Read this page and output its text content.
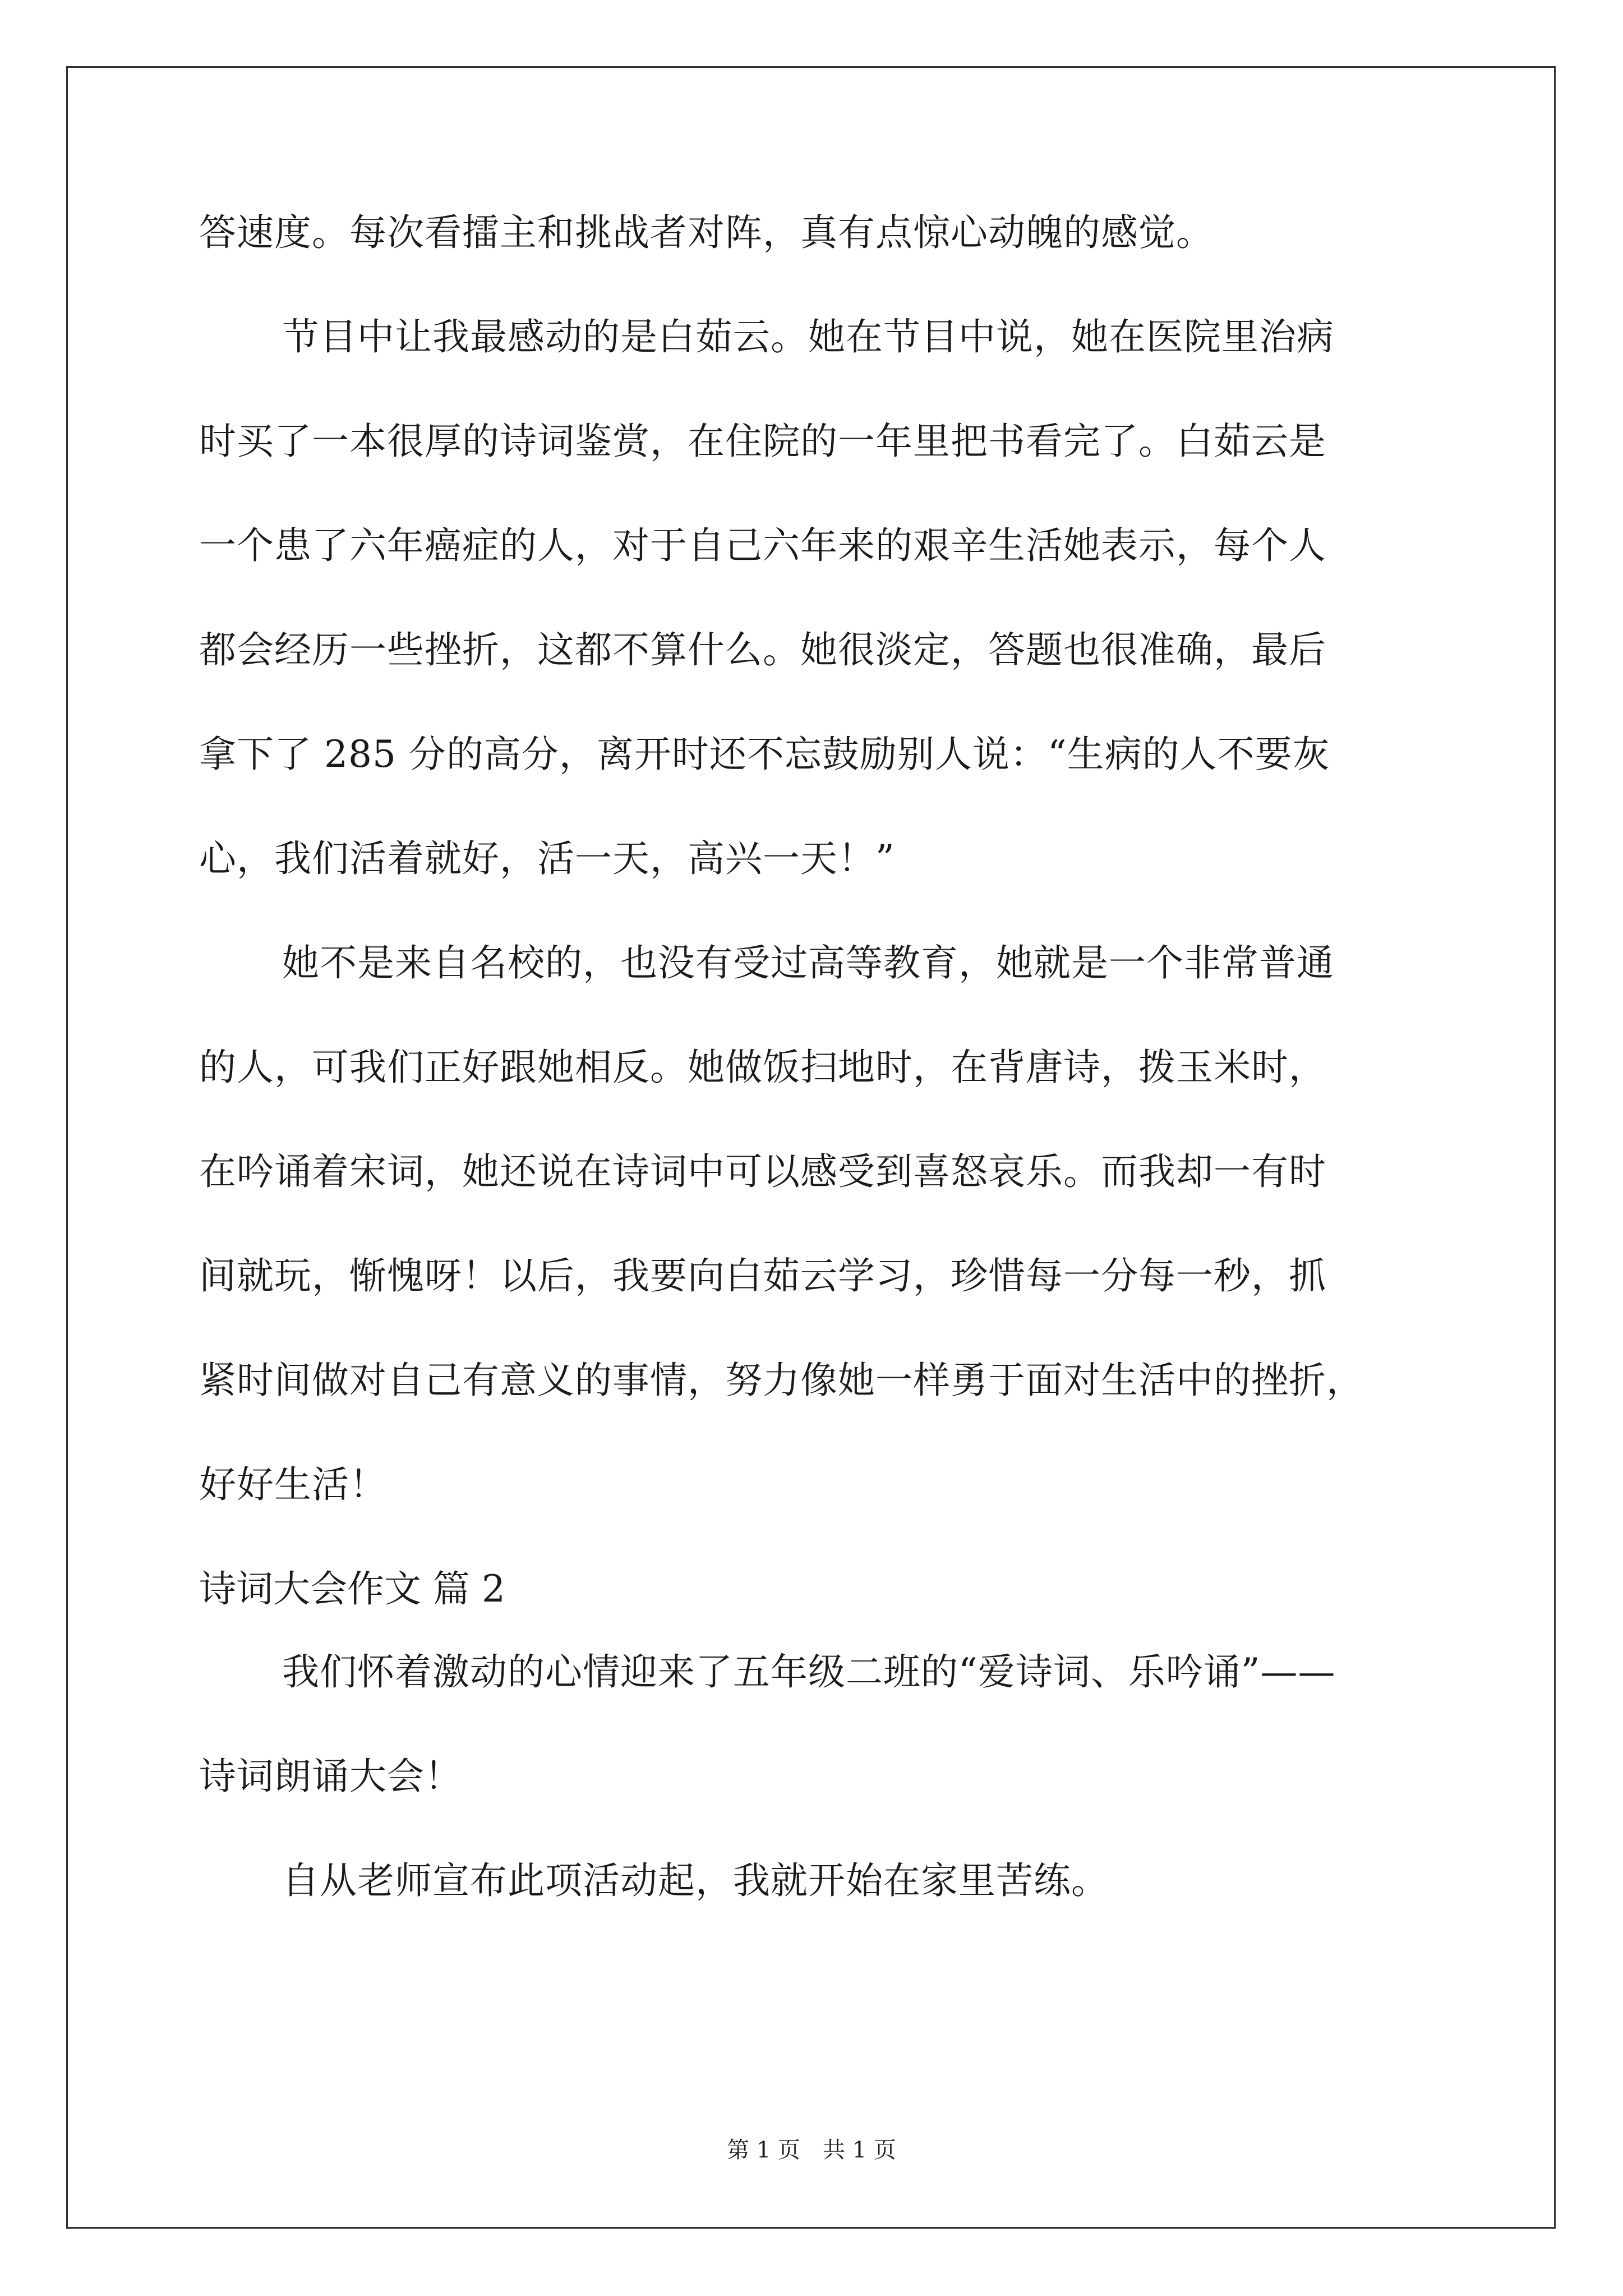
答速度。每次看擂主和挑战者对阵，真有点惊心动魄的感觉。
节目中让我最感动的是白茹云。她在节目中说，她在医院里治病
时买了一本很厚的诗词鉴赏，在住院的一年里把书看完了。白茹云是
一个患了六年癌症的人，对于自己六年来的艰辛生活她表示，每个人
都会经历一些挫折，这都不算什么。她很淡定，答题也很准确，最后
拿下了 285 分的高分，离开时还不忘鼓励别人说：“生病的人不要灰
心，我们活着就好，活一天，高兴一天！”
她不是来自名校的，也没有受过高等教育，她就是一个非常普通
的人，可我们正好跟她相反。她做饭扫地时，在背唐诗，拨玉米时，
在吟诵着宋词，她还说在诗词中可以感受到喜怒哀乐。而我却一有时
间就玩，惭愧呀！以后，我要向白茹云学习，珍惜每一分每一秒，抓
紧时间做对自己有意义的事情，努力像她一样勇于面对生活中的挫折，
好好生活！
诗词大会作文 篇 2
我们怀着激动的心情迎来了五年级二班的“爱诗词、乐吟诵”——
诗词朗诵大会！
自从老师宣布此项活动起，我就开始在家里苦练。
第 1 页　共 1 页
